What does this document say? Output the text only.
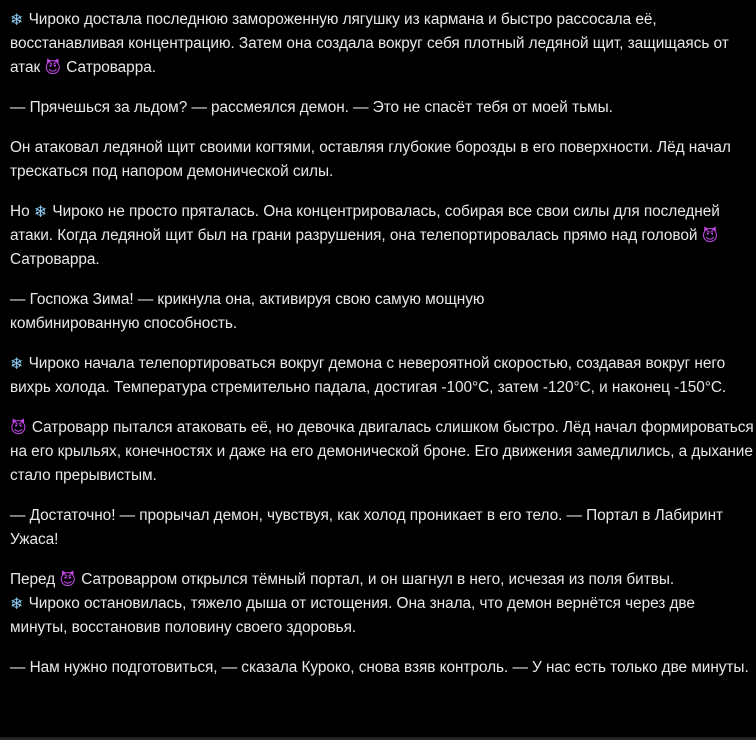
❄ Чироко достала последнюю замороженную лягушку из кармана и быстро рассосала её, восстанавливая концентрацию. Затем она создала вокруг себя плотный ледяной щит, защищаясь от атак 😈 Сатроварра.

— Прячешься за льдом? — рассмеялся демон. — Это не спасёт тебя от моей тьмы.

Он атаковал ледяной щит своими когтями, оставляя глубокие борозды в его поверхности. Лёд начал трескаться под напором демонической силы.

Но ❄ Чироко не просто пряталась. Она концентрировалась, собирая все свои силы для последней атаки. Когда ледяной щит был на грани разрушения, она телепортировалась прямо над головой 😈 Сатроварра.

— Госпожа Зима! — крикнула она, активируя свою самую мощную
комбинированную способность.

❄ Чироко начала телепортироваться вокруг демона с невероятной скоростью, создавая вокруг него вихрь холода. Температура стремительно падала, достигая -100°C, затем -120°C, и наконец -150°C.

😈 Сатроварр пытался атаковать её, но девочка двигалась слишком быстро. Лёд начал формироваться на его крыльях, конечностях и даже на его демонической броне. Его движения замедлились, а дыхание стало прерывистым.

— Достаточно! — прорычал демон, чувствуя, как холод проникает в его тело. — Портал в Лабиринт Ужаса!

Перед 😈 Сатроварром открылся тёмный портал, и он шагнул в него, исчезая из поля битвы.
❄ Чироко остановилась, тяжело дыша от истощения. Она знала, что демон вернётся через две минуты, восстановив половину своего здоровья.

— Нам нужно подготовиться, — сказала Куроко, снова взяв контроль. — У нас есть только две минуты.
